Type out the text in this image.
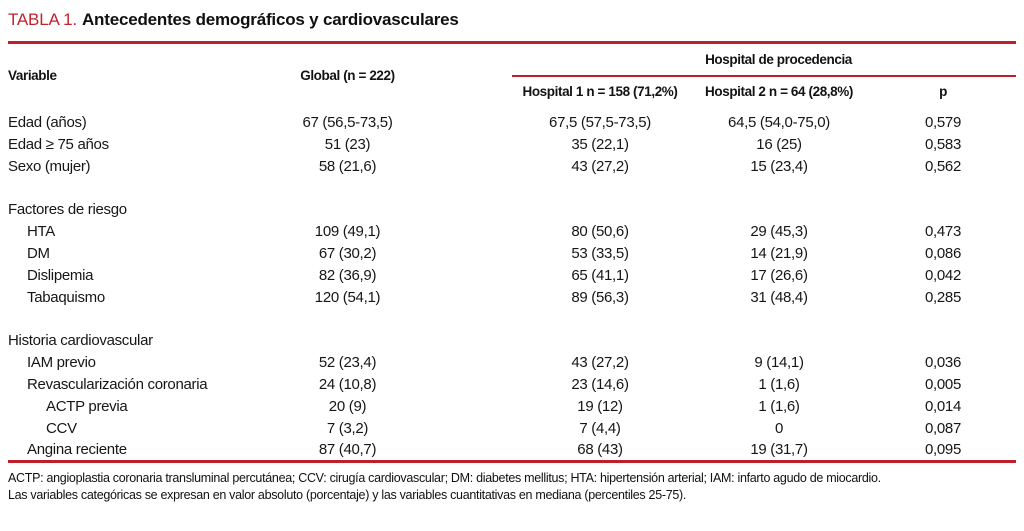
TABLA 1. Antecedentes demográficos y cardiovasculares
Variable	Global (n = 222)	Hospital de procedencia		
		Hospital 1 n = 158 (71,2%)	Hospital 2 n = 64 (28,8%)	p
Edad (años)	67 (56,5-73,5)	67,5 (57,5-73,5)	64,5 (54,0-75,0)	0,579
Edad ≥ 75 años	51 (23)	35 (22,1)	16 (25)	0,583
Sexo (mujer)	58 (21,6)	43 (27,2)	15 (23,4)	0,562

Factores de riesgo				
HTA	109 (49,1)	80 (50,6)	29 (45,3)	0,473
DM	67 (30,2)	53 (33,5)	14 (21,9)	0,086
Dislipemia	82 (36,9)	65 (41,1)	17 (26,6)	0,042
Tabaquismo	120 (54,1)	89 (56,3)	31 (48,4)	0,285

Historia cardiovascular				
IAM previo	52 (23,4)	43 (27,2)	9 (14,1)	0,036
Revascularización coronaria	24 (10,8)	23 (14,6)	1 (1,6)	0,005
ACTP previa	20 (9)	19 (12)	1 (1,6)	0,014
CCV	7 (3,2)	7 (4,4)	0	0,087
Angina reciente	87 (40,7)	68 (43)	19 (31,7)	0,095
ACTP: angioplastia coronaria transluminal percutánea; CCV: cirugía cardiovascular; DM: diabetes mellitus; HTA: hipertensión arterial; IAM: infarto agudo de miocardio.
Las variables categóricas se expresan en valor absoluto (porcentaje) y las variables cuantitativas en mediana (percentiles 25-75).
